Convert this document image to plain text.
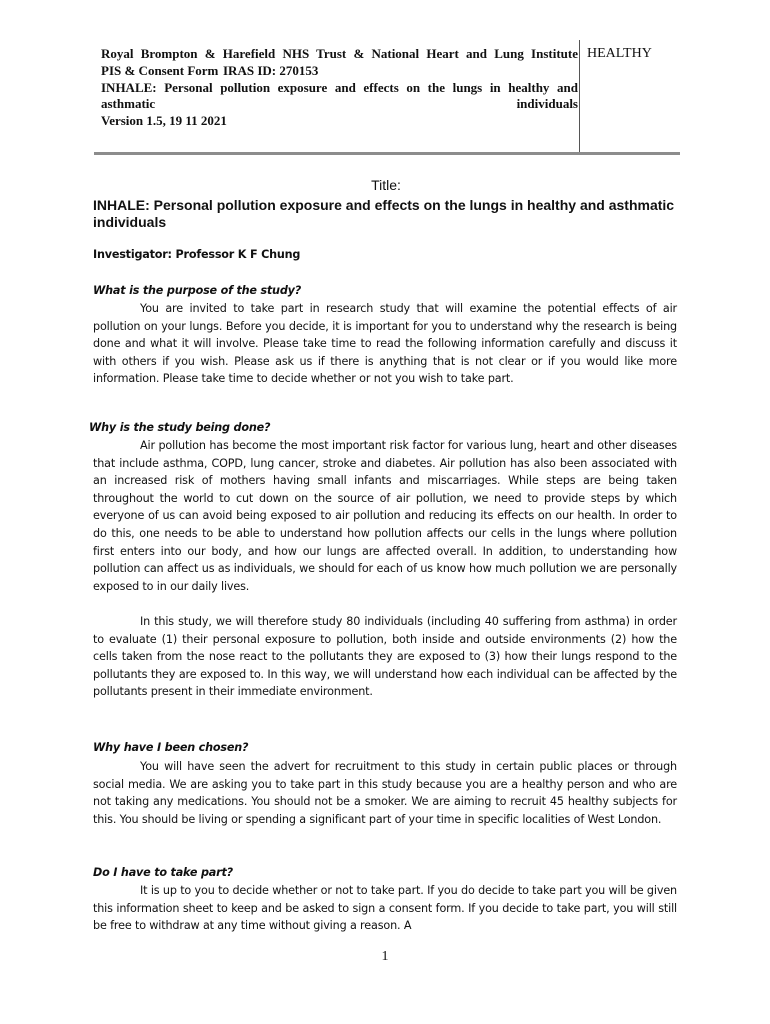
Royal Brompton & Harefield NHS Trust & National Heart and Lung Institute
PIS & Consent Form IRAS ID: 270153
INHALE: Personal pollution exposure and effects on the lungs in healthy and asthmatic individuals
Version 1.5, 19 11 2021
HEALTHY
Title:
INHALE: Personal pollution exposure and effects on the lungs in healthy and asthmatic individuals
Investigator: Professor K F Chung
What is the purpose of the study?
You are invited to take part in research study that will examine the potential effects of air pollution on your lungs. Before you decide, it is important for you to understand why the research is being done and what it will involve. Please take time to read the following information carefully and discuss it with others if you wish. Please ask us if there is anything that is not clear or if you would like more information. Please take time to decide whether or not you wish to take part.
Why is the study being done?
Air pollution has become the most important risk factor for various lung, heart and other diseases that include asthma, COPD, lung cancer, stroke and diabetes. Air pollution has also been associated with an increased risk of mothers having small infants and miscarriages. While steps are being taken throughout the world to cut down on the source of air pollution, we need to provide steps by which everyone of us can avoid being exposed to air pollution and reducing its effects on our health. In order to do this, one needs to be able to understand how pollution affects our cells in the lungs where pollution first enters into our body, and how our lungs are affected overall. In addition, to understanding how pollution can affect us as individuals, we should for each of us know how much pollution we are personally exposed to in our daily lives.
In this study, we will therefore study 80 individuals (including 40 suffering from asthma) in order to evaluate (1) their personal exposure to pollution, both inside and outside environments (2) how the cells taken from the nose react to the pollutants they are exposed to (3) how their lungs respond to the pollutants they are exposed to. In this way, we will understand how each individual can be affected by the pollutants present in their immediate environment.
Why have I been chosen?
You will have seen the advert for recruitment to this study in certain public places or through social media. We are asking you to take part in this study because you are a healthy person and who are not taking any medications. You should not be a smoker. We are aiming to recruit 45 healthy subjects for this. You should be living or spending a significant part of your time in specific localities of West London.
Do I have to take part?
It is up to you to decide whether or not to take part. If you do decide to take part you will be given this information sheet to keep and be asked to sign a consent form. If you decide to take part, you will still be free to withdraw at any time without giving a reason. A
1
